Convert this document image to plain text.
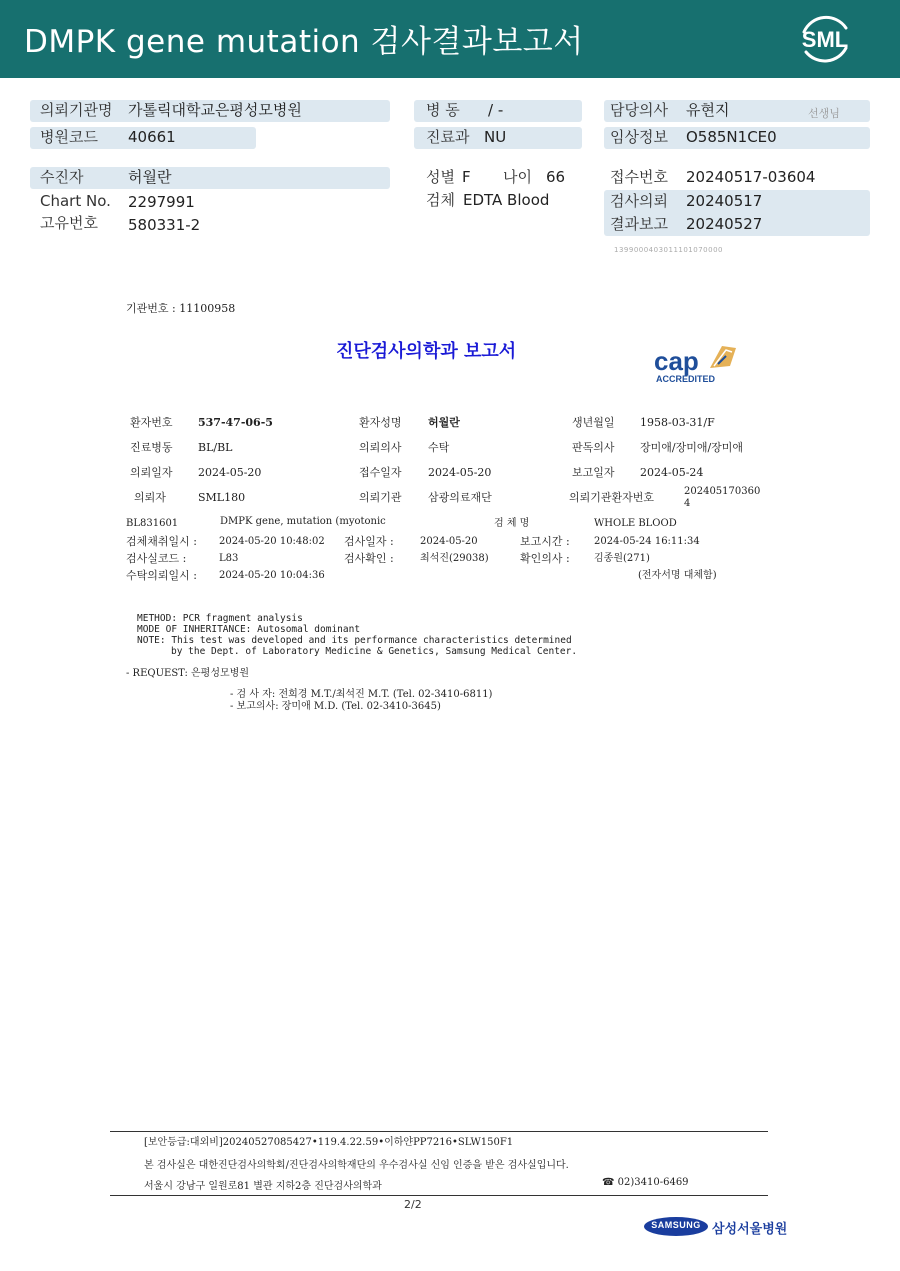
DMPK gene mutation 검사결과보고서	SML
의뢰기관명 가톨릭대학교은평성모병원
병원코드 40661
병 동 / -
진료과 NU
담당의사 유현지	선생님
임상정보 O585N1CE0
수진자	허월란
Chart No. 2297991
고유번호 580331-2
성별 F 나이 66
검체 EDTA Blood
접수번호 20240517-03604
검사의뢰 20240517
결과보고 20240527
1399000403011101070000
기관번호 : 11100958
진단검사의학과 보고서	cap
ACCREDITED
환자번호 537-47-06-5	환자성명 허월란	생년월일 1958-03-31/F
진료병동 BL/BL	의뢰의사 수탁	판독의사 장미애/장미애/장미애
의뢰일자 2024-05-20	접수일자 2024-05-20	보고일자 2024-05-24
의뢰자	SML180	의뢰기관 삼광의료재단	의뢰기관환자번호	202405170360
4
BL831601	DMPK gene, mutation (myotonic	검 체 명	WHOLE BLOOD
검체채취일시 : 2024-05-20 10:48:02 검사일자 :	2024-05-20	보고시간 : 2024-05-24 16:11:34
검사실코드 :	L83	검사확인 :	최석진(29038)	확인의사 : 김종원(271)
수탁의뢰일시 : 2024-05-20 10:04:36	(전자서명 대체함)
METHOD: PCR fragment analysis
MODE OF INHERITANCE: Autosomal dominant
NOTE: This test was developed and its performance characteristics determined
by the Dept. of Laboratory Medicine & Genetics, Samsung Medical Center.
- REQUEST: 은평성모병원
- 검 사 자: 전희경 M.T./최석진 M.T. (Tel. 02-3410-6811)
- 보고의사: 장미애 M.D. (Tel. 02-3410-3645)
[보안등급:대외비]20240527085427•119.4.22.59•이하얀PP7216•SLW150F1
본 검사실은 대한진단검사의학회/진단검사의학재단의 우수검사실 신임 인증을 받은 검사실입니다.
서울시 강남구 일원로81 별관 지하2층 진단검사의학과	☎ 02)3410-6469
2/2
SAMSUNG 삼성서울병원
